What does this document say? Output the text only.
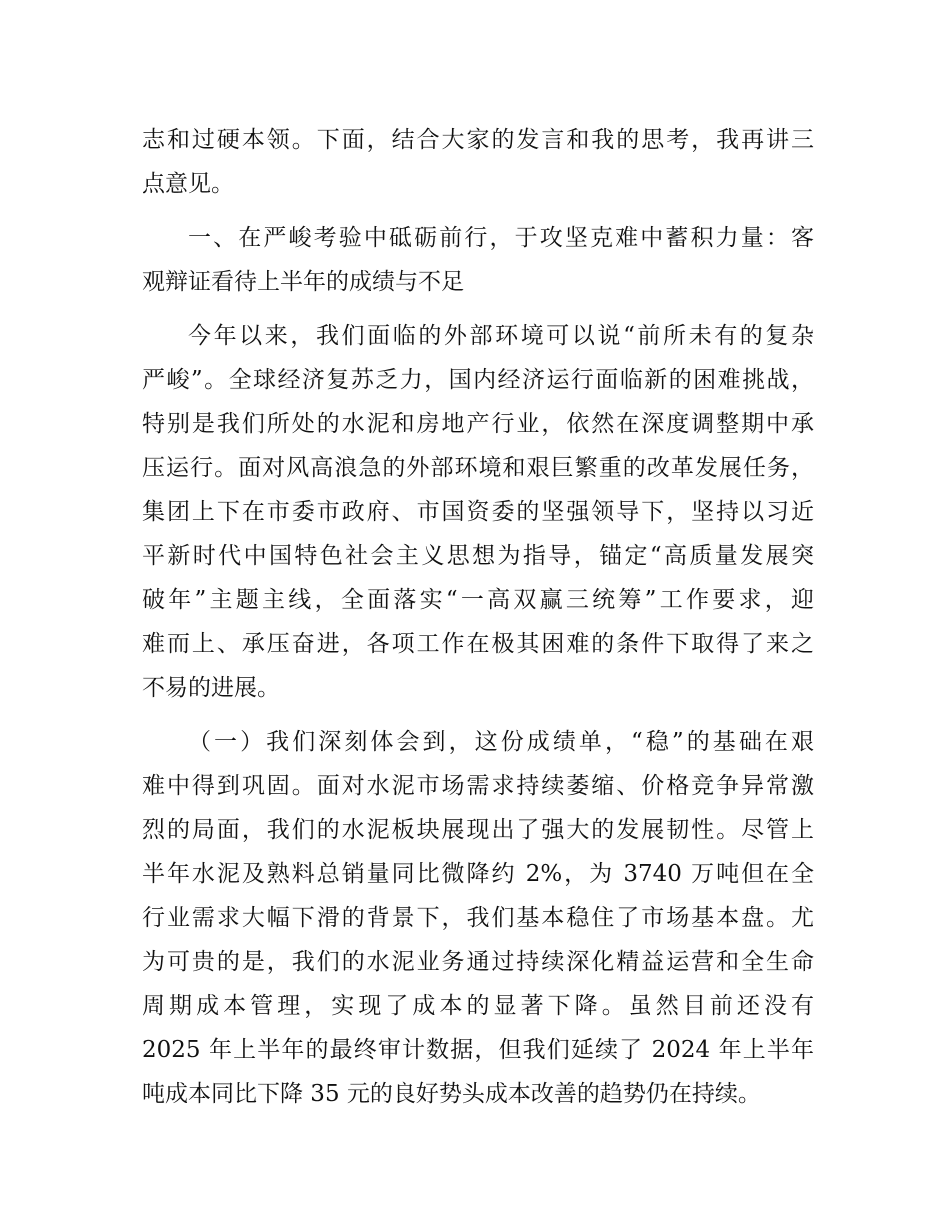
志和过硬本领。下面，结合大家的发言和我的思考，我再讲三
点意见。
一、在严峻考验中砥砺前行，于攻坚克难中蓄积力量：客
观辩证看待上半年的成绩与不足
今年以来，我们面临的外部环境可以说“前所未有的复杂
严峻”。全球经济复苏乏力，国内经济运行面临新的困难挑战，
特别是我们所处的水泥和房地产行业，依然在深度调整期中承
压运行。面对风高浪急的外部环境和艰巨繁重的改革发展任务，
集团上下在市委市政府、市国资委的坚强领导下，坚持以习近
平新时代中国特色社会主义思想为指导，锚定“高质量发展突
破年”主题主线，全面落实“一高双赢三统筹”工作要求，迎
难而上、承压奋进，各项工作在极其困难的条件下取得了来之
不易的进展。
（一）我们深刻体会到，这份成绩单，“稳”的基础在艰
难中得到巩固。面对水泥市场需求持续萎缩、价格竞争异常激
烈的局面，我们的水泥板块展现出了强大的发展韧性。尽管上
半年水泥及熟料总销量同比微降约 2%，为 3740 万吨但在全
行业需求大幅下滑的背景下，我们基本稳住了市场基本盘。尤
为可贵的是，我们的水泥业务通过持续深化精益运营和全生命
周期成本管理，实现了成本的显著下降。虽然目前还没有
2025 年上半年的最终审计数据，但我们延续了 2024 年上半年
吨成本同比下降 35 元的良好势头成本改善的趋势仍在持续。
